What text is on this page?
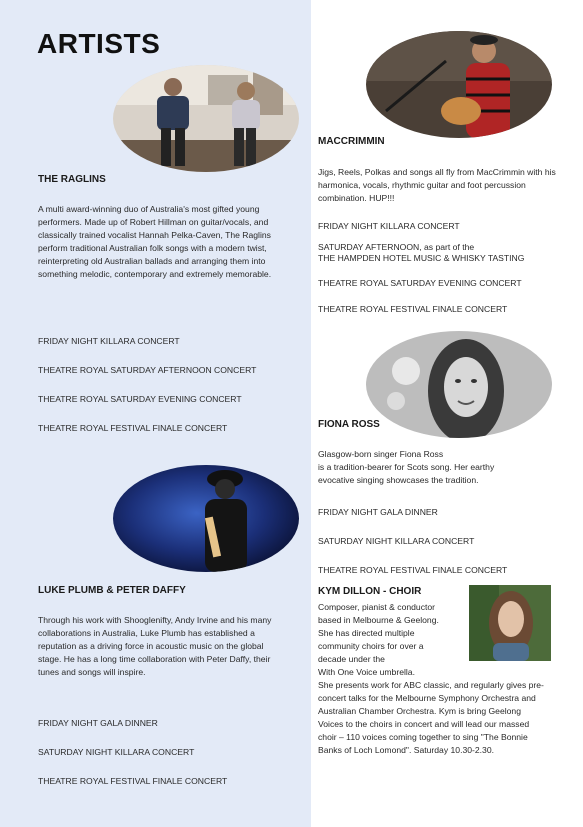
ARTISTS
THE RAGLINS

A multi award-winning duo of Australia's most gifted young performers. Made up of Robert Hillman on guitar/vocals, and classically trained vocalist Hannah Pelka-Caven, The Raglins perform traditional Australian folk songs with a modern twist, reinterpreting old Australian ballads and arranging them into something melodic, contemporary and extremely memorable.

FRIDAY NIGHT KILLARA CONCERT
THEATRE ROYAL SATURDAY AFTERNOON CONCERT
THEATRE ROYAL SATURDAY EVENING CONCERT
THEATRE ROYAL FESTIVAL FINALE CONCERT
LUKE PLUMB & PETER DAFFY

Through his work with Shooglenifty, Andy Irvine and his many collaborations in Australia, Luke Plumb has established a reputation as a driving force in acoustic music on the global stage. He has a long time collaboration with Peter Daffy, their tunes and songs will inspire.

FRIDAY NIGHT GALA DINNER
SATURDAY NIGHT KILLARA CONCERT
THEATRE ROYAL FESTIVAL FINALE CONCERT
MACCRIMMIN

Jigs, Reels, Polkas and songs all fly from MacCrimmin with his harmonica, vocals, rhythmic guitar and foot percussion combination. HUP!!!

FRIDAY NIGHT KILLARA CONCERT
SATURDAY AFTERNOON, as part of the
THE HAMPDEN HOTEL MUSIC & WHISKY TASTING
THEATRE ROYAL SATURDAY EVENING CONCERT
THEATRE ROYAL FESTIVAL FINALE CONCERT
FIONA ROSS

Glasgow-born singer Fiona Ross
is a tradition-bearer for Scots song. Her earthy
evocative singing showcases the tradition.

FRIDAY NIGHT GALA DINNER
SATURDAY NIGHT KILLARA CONCERT
THEATRE ROYAL FESTIVAL FINALE CONCERT
KYM DILLON - CHOIR

Composer, pianist & conductor
based in Melbourne & Geelong.
She has directed multiple
community choirs for over a
decade under the
With One Voice umbrella.

She presents work for ABC classic, and regularly gives pre-concert talks for the Melbourne Symphony Orchestra and Australian Chamber Orchestra. Kym is bring Geelong Voices to the choirs in concert and will lead our massed choir – 110 voices coming together to sing "The Bonnie Banks of Loch Lomond". Saturday 10.30-2.30.
